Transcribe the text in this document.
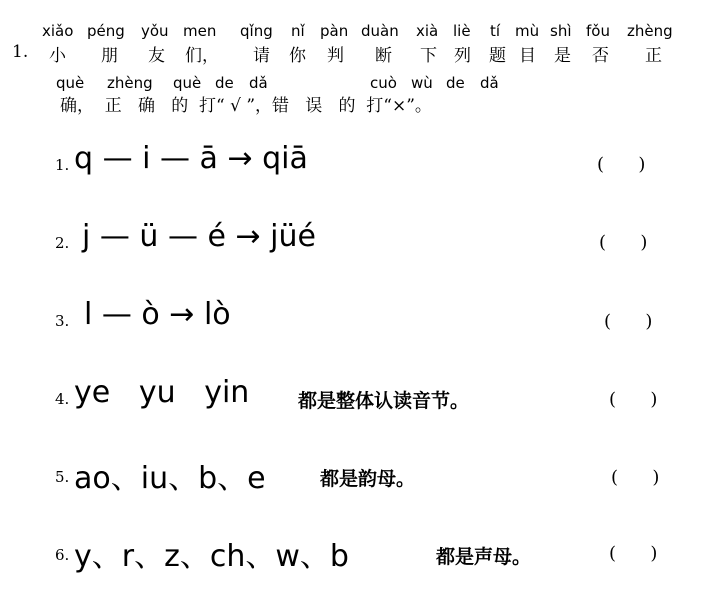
1.
xiǎo péng yǒu men qǐng nǐ pàn duàn xià liè tí mù shì fǒu zhèng
小 朋 友 们， 请 你 判 断 下 列 题 目 是 否 正
què zhèng què de dǎ	cuò wù de dǎ
确，  正   确   的  打“ √ ”，错   误   的  打“×”。
1. q — i — ā → qiā	(      )
2. j — ü — é → jüé	(      )
3. l — ò → lò	(      )
4. ye   yu   yin	都是整体认读音节。	(      )
5. ao、iu、b、e	都是韵母。	(      )
6. y、r、z、ch、w、b	都是声母。	(      )
